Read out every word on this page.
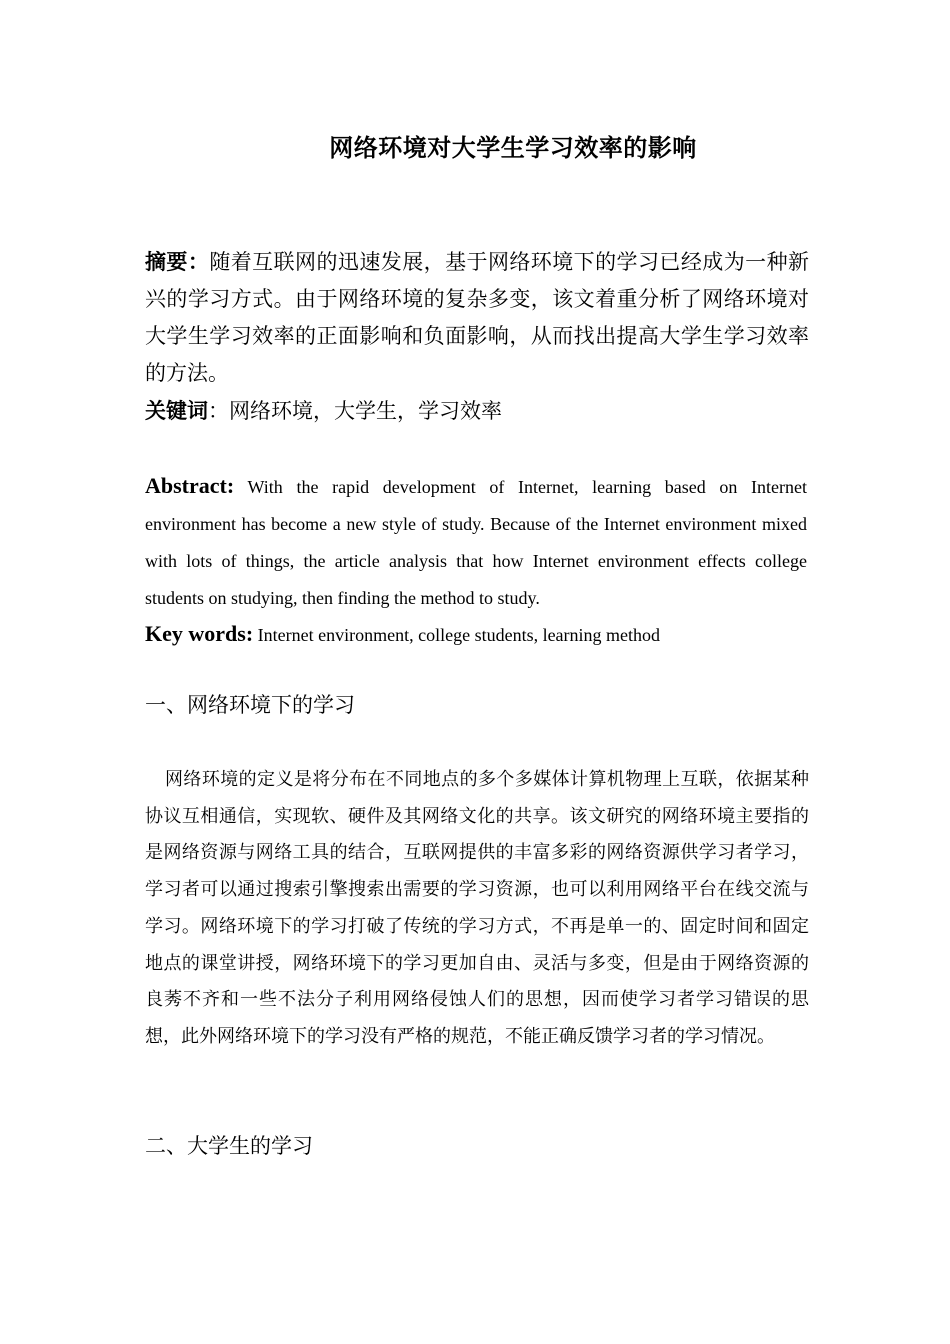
网络环境对大学生学习效率的影响
摘要：随着互联网的迅速发展，基于网络环境下的学习已经成为一种新兴的学习方式。由于网络环境的复杂多变，该文着重分析了网络环境对大学生学习效率的正面影响和负面影响，从而找出提高大学生学习效率的方法。
关键词：网络环境，大学生，学习效率
Abstract: With the rapid development of Internet, learning based on Internet environment has become a new style of study. Because of the Internet environment mixed with lots of things, the article analysis that how Internet environment effects college students on studying, then finding the method to study.
Key words: Internet environment, college students, learning method
一、网络环境下的学习
网络环境的定义是将分布在不同地点的多个多媒体计算机物理上互联，依据某种协议互相通信，实现软、硬件及其网络文化的共享。该文研究的网络环境主要指的是网络资源与网络工具的结合，互联网提供的丰富多彩的网络资源供学习者学习，学习者可以通过搜索引擎搜索出需要的学习资源，也可以利用网络平台在线交流与学习。网络环境下的学习打破了传统的学习方式，不再是单一的、固定时间和固定地点的课堂讲授，网络环境下的学习更加自由、灵活与多变，但是由于网络资源的良莠不齐和一些不法分子利用网络侵蚀人们的思想，因而使学习者学习错误的思想，此外网络环境下的学习没有严格的规范，不能正确反馈学习者的学习情况。
二、大学生的学习
